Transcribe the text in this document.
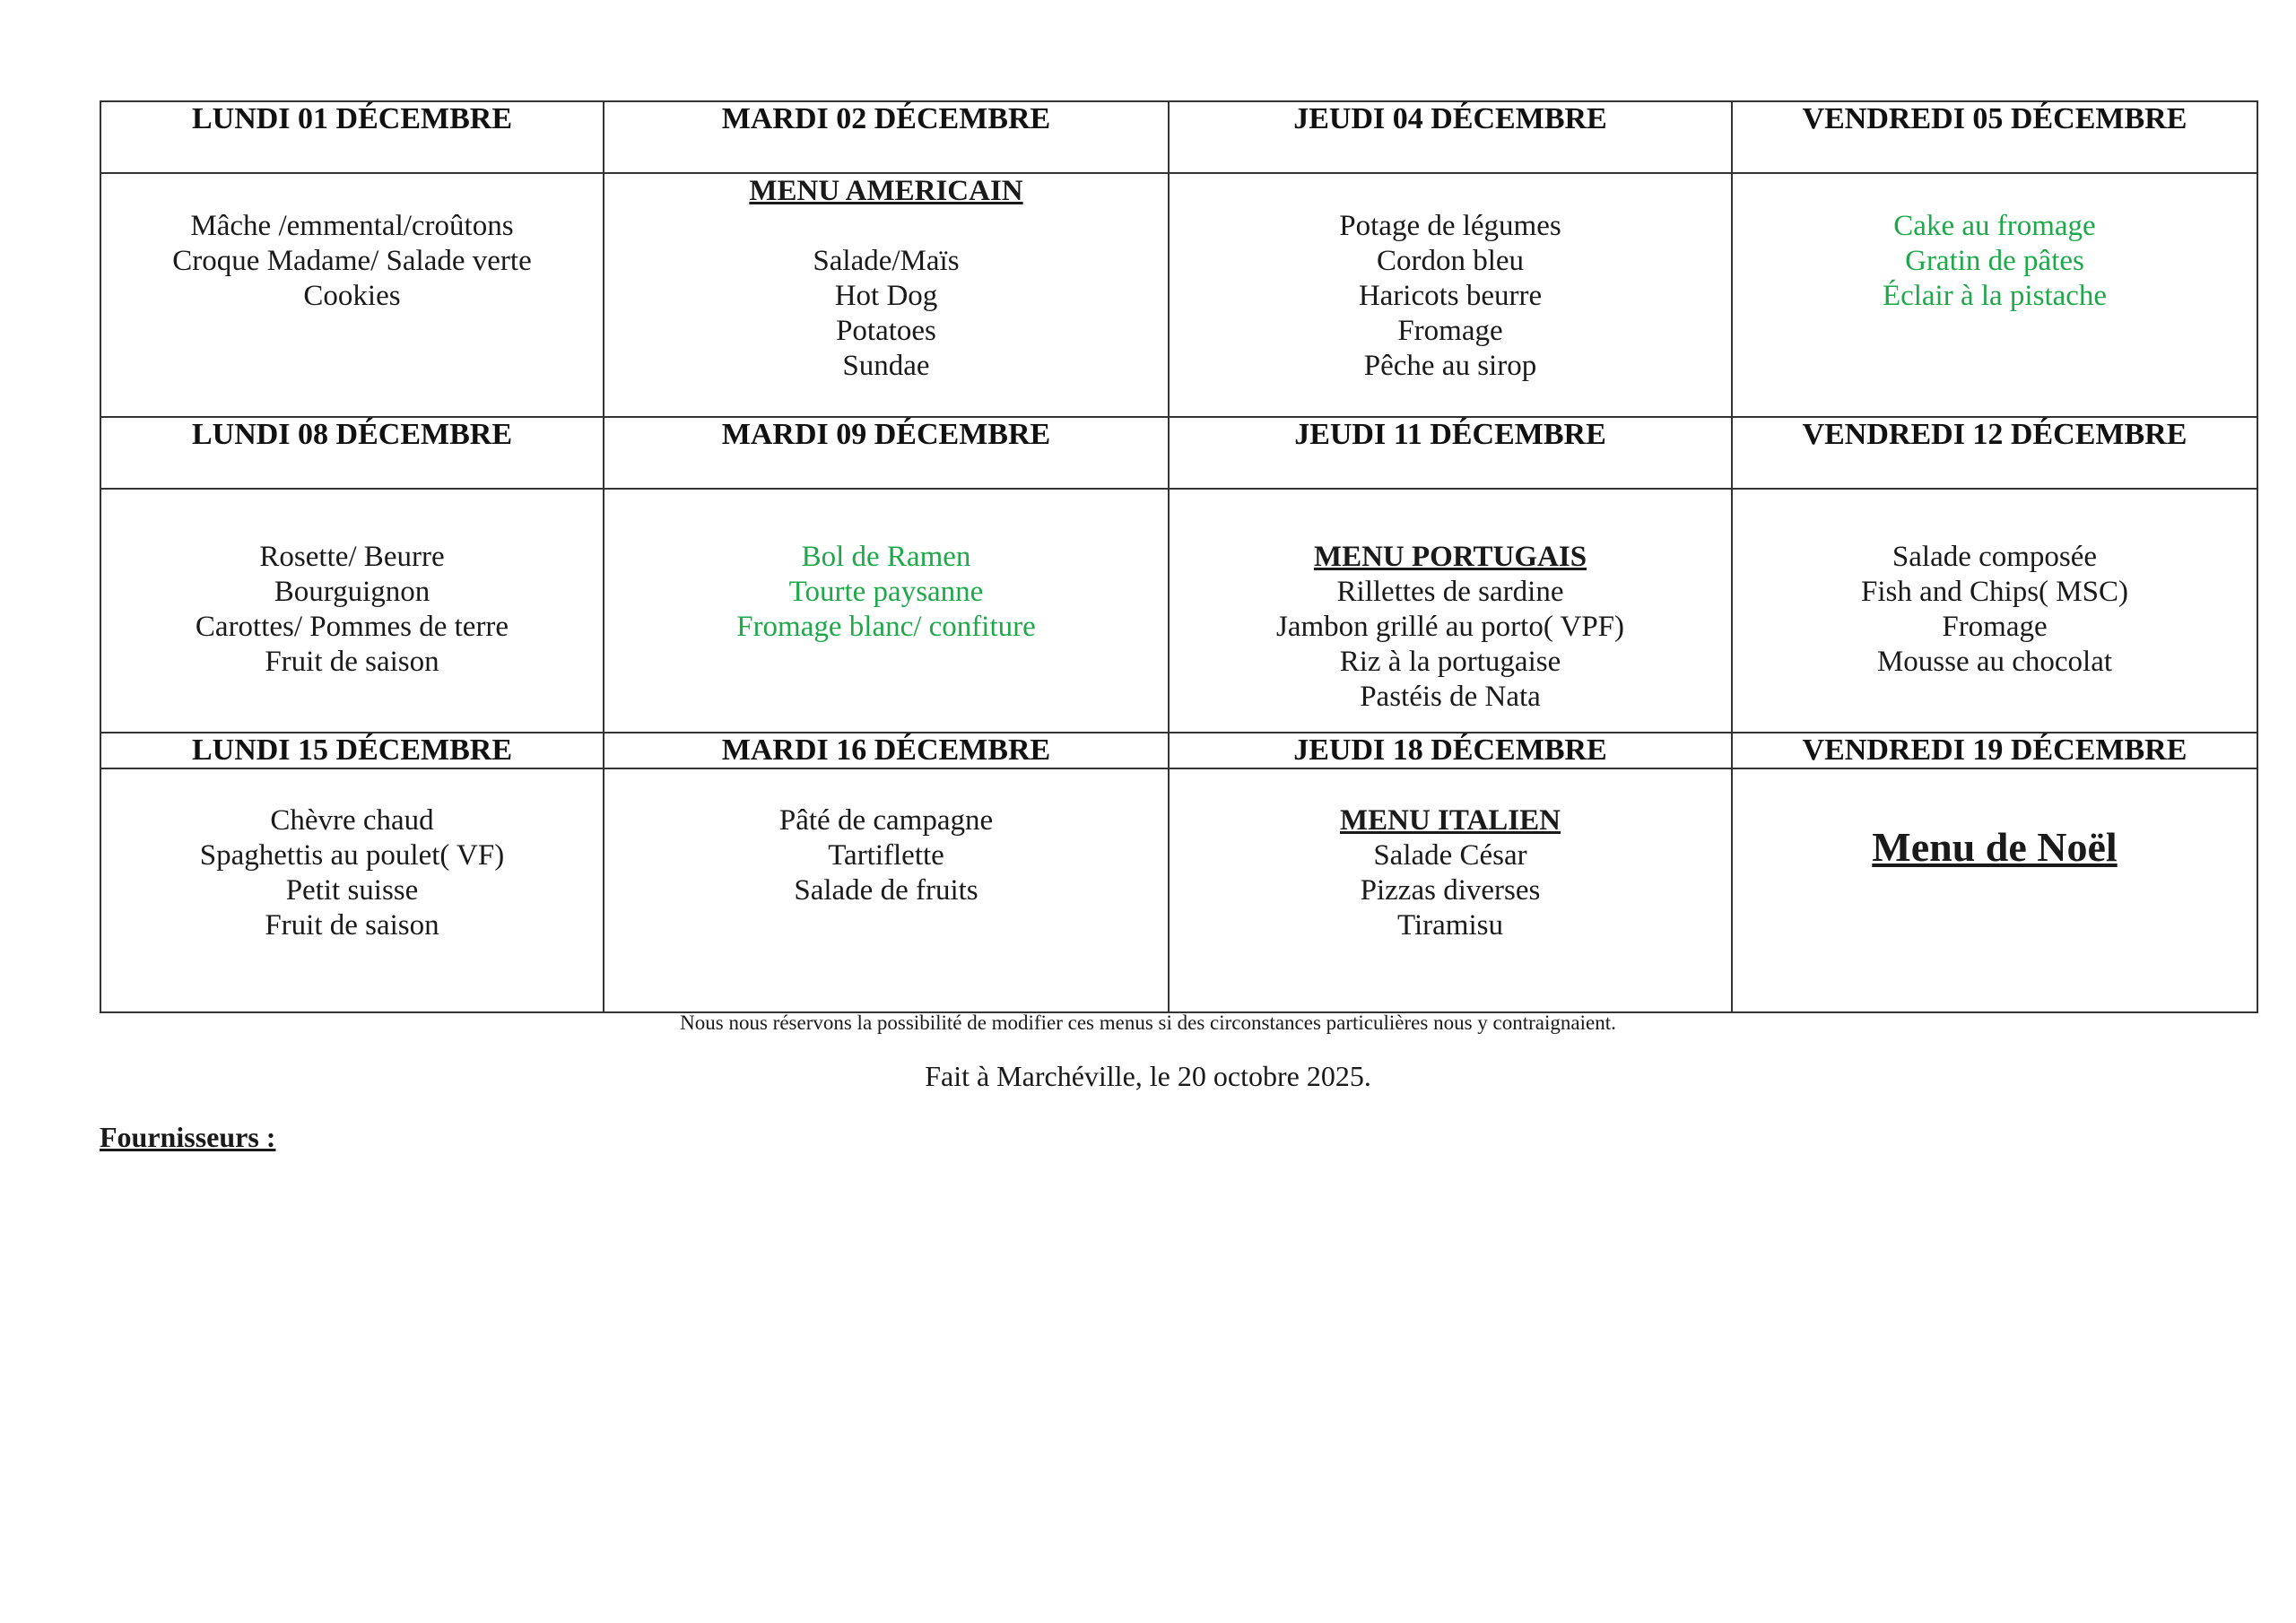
LUNDI 01 DÉCEMBRE	MARDI 02 DÉCEMBRE	JEUDI 04 DÉCEMBRE	VENDREDI 05 DÉCEMBRE

Mâche /emmental/croûtons
Croque Madame/ Salade verte
Cookies	MENU AMERICAIN
Salade/Maïs
Hot Dog
Potatoes
Sundae	Potage de légumes
Cordon bleu
Haricots beurre
Fromage
Pêche au sirop	Cake au fromage
Gratin de pâtes
Éclair à la pistache

LUNDI 08 DÉCEMBRE	MARDI 09 DÉCEMBRE	JEUDI 11 DÉCEMBRE	VENDREDI 12 DÉCEMBRE

Rosette/ Beurre
Bourguignon
Carottes/ Pommes de terre
Fruit de saison	Bol de Ramen
Tourte paysanne
Fromage blanc/ confiture	MENU PORTUGAIS
Rillettes de sardine
Jambon grillé au porto( VPF)
Riz à la portugaise
Pastéis de Nata	Salade composée
Fish and Chips( MSC)
Fromage
Mousse au chocolat

LUNDI 15 DÉCEMBRE	MARDI 16 DÉCEMBRE	JEUDI 18 DÉCEMBRE	VENDREDI 19 DÉCEMBRE

Chèvre chaud
Spaghettis au poulet( VF)
Petit suisse
Fruit de saison	Pâté de campagne
Tartiflette
Salade de fruits	MENU ITALIEN
Salade César
Pizzas diverses
Tiramisu	Menu de Noël
Nous nous réservons la possibilité de modifier ces menus si des circonstances particulières nous y contraignaient.
Fait à Marchéville, le 20 octobre 2025.
Fournisseurs :
